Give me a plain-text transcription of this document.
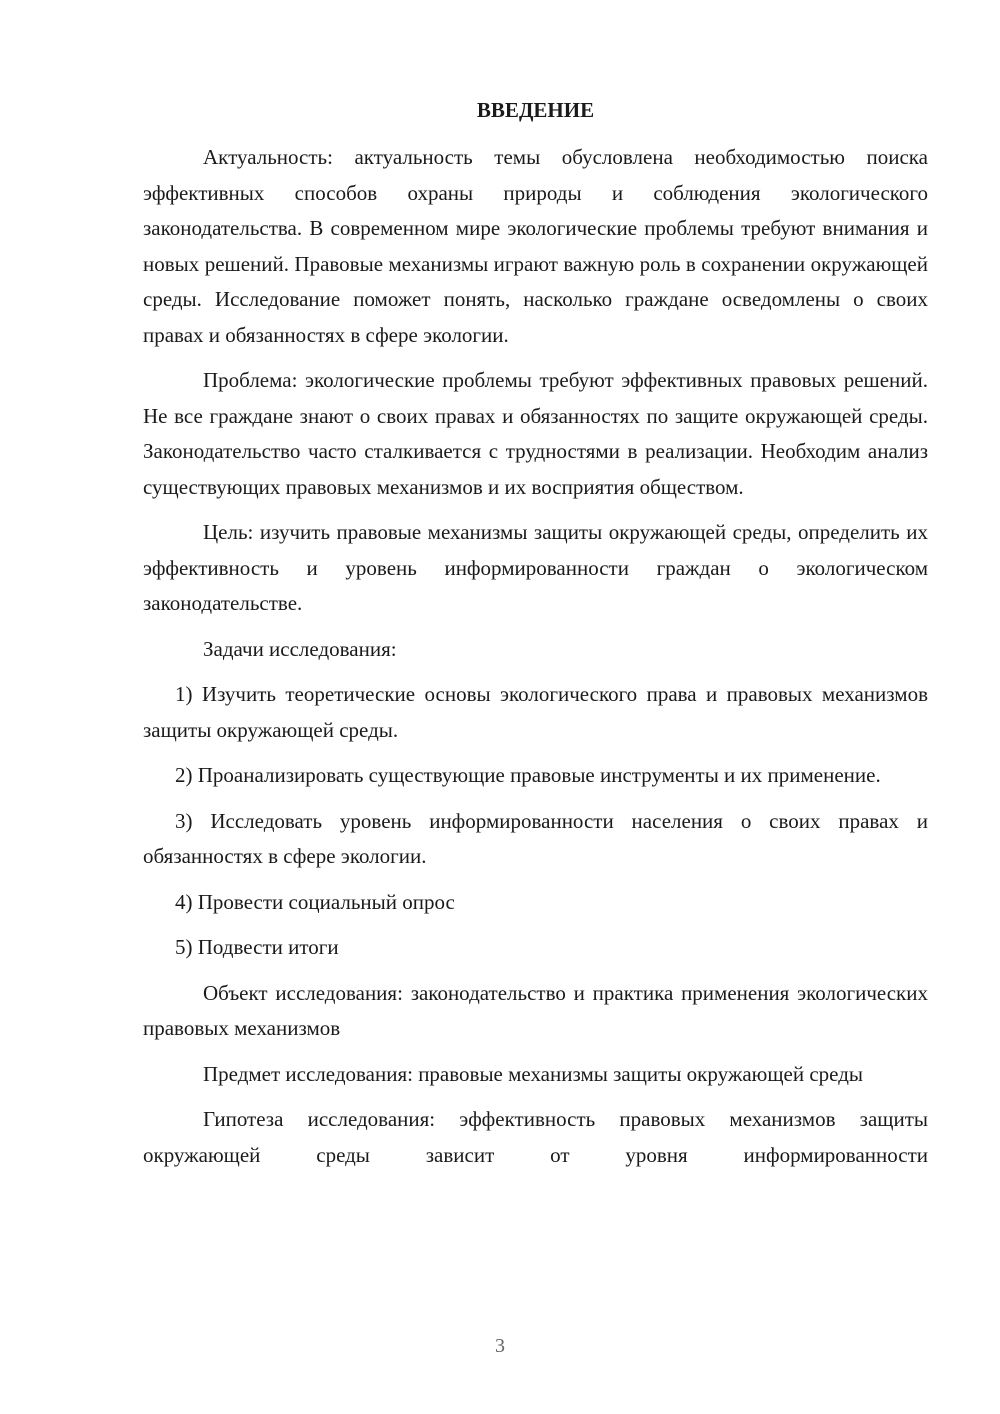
ВВЕДЕНИЕ

Актуальность: актуальность темы обусловлена необходимостью поиска эффективных способов охраны природы и соблюдения экологического законодательства. В современном мире экологические проблемы требуют внимания и новых решений. Правовые механизмы играют важную роль в сохранении окружающей среды. Исследование поможет понять, насколько граждане осведомлены о своих правах и обязанностях в сфере экологии.

Проблема: экологические проблемы требуют эффективных правовых решений. Не все граждане знают о своих правах и обязанностях по защите окружающей среды. Законодательство часто сталкивается с трудностями в реализации. Необходим анализ существующих правовых механизмов и их восприятия обществом.

Цель: изучить правовые механизмы защиты окружающей среды, определить их эффективность и уровень информированности граждан о экологическом законодательстве.

Задачи исследования:

1) Изучить теоретические основы экологического права и правовых механизмов защиты окружающей среды.

2) Проанализировать существующие правовые инструменты и их применение.

3) Исследовать уровень информированности населения о своих правах и обязанностях в сфере экологии.

4) Провести социальный опрос

5) Подвести итоги

Объект исследования: законодательство и практика применения экологических правовых механизмов

Предмет исследования: правовые механизмы защиты окружающей среды

Гипотеза исследования: эффективность правовых механизмов защиты окружающей среды зависит от уровня информированности

3
